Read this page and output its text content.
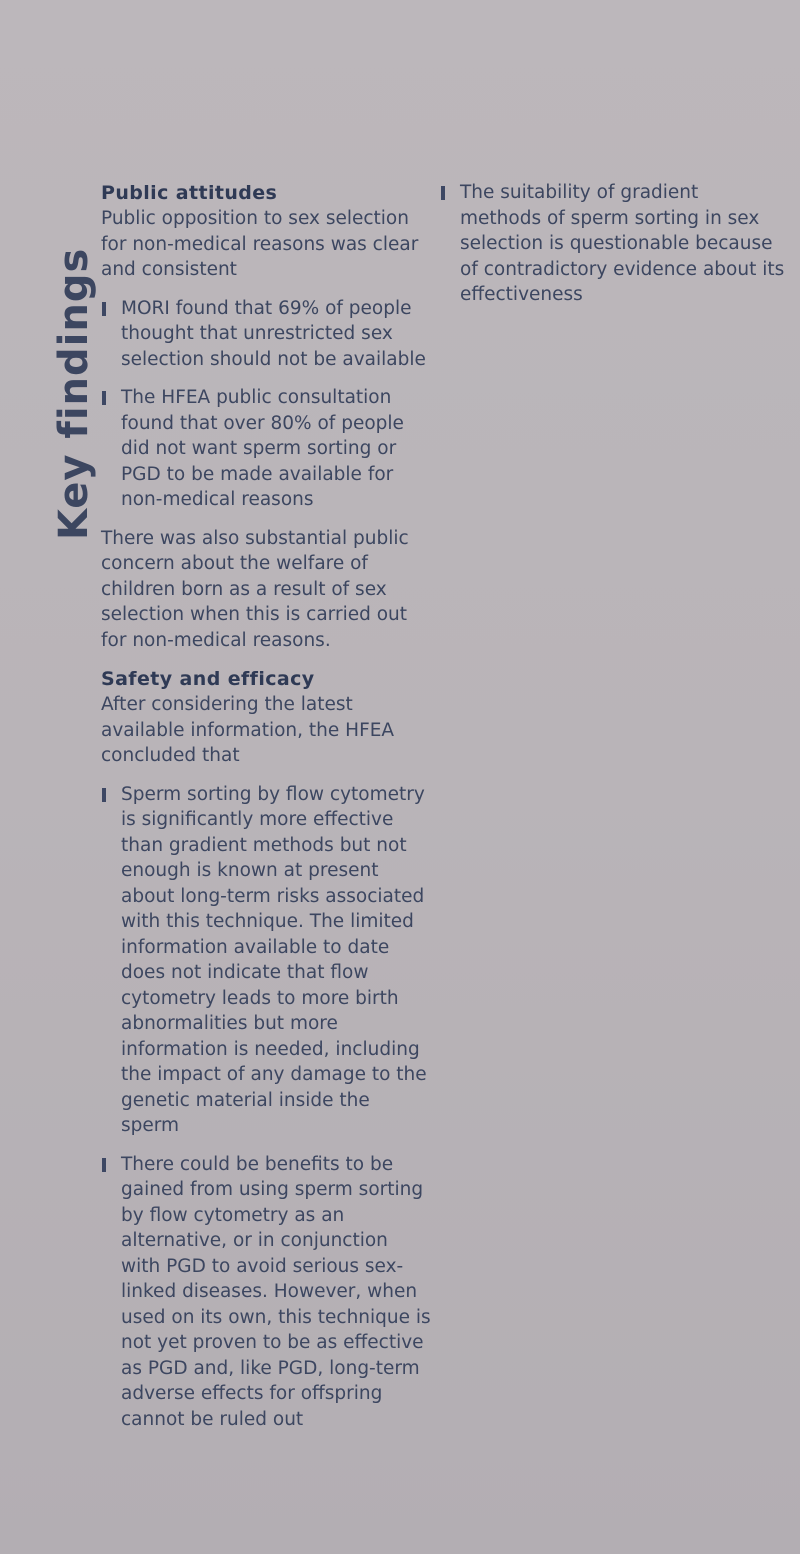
Key findings
Public attitudes

Public opposition to sex selection for non-medical reasons was clear and consistent

MORI found that 69% of people thought that unrestricted sex selection should not be available
The HFEA public consultation found that over 80% of people did not want sperm sorting or PGD to be made available for non-medical reasons

There was also substantial public concern about the welfare of children born as a result of sex selection when this is carried out for non-medical reasons.

Safety and efficacy

After considering the latest available information, the HFEA concluded that

Sperm sorting by flow cytometry is significantly more effective than gradient methods but not enough is known at present about long-term risks associated with this technique. The limited information available to date does not indicate that flow cytometry leads to more birth abnormalities but more information is needed, including the impact of any damage to the genetic material inside the sperm
There could be benefits to be gained from using sperm sorting by flow cytometry as an alternative, or in conjunction with PGD to avoid serious sex-linked diseases. However, when used on its own, this technique is not yet proven to be as effective as PGD and, like PGD, long-term adverse effects for offspring cannot be ruled out
The suitability of gradient methods of sperm sorting in sex selection is questionable because of contradictory evidence about its effectiveness
